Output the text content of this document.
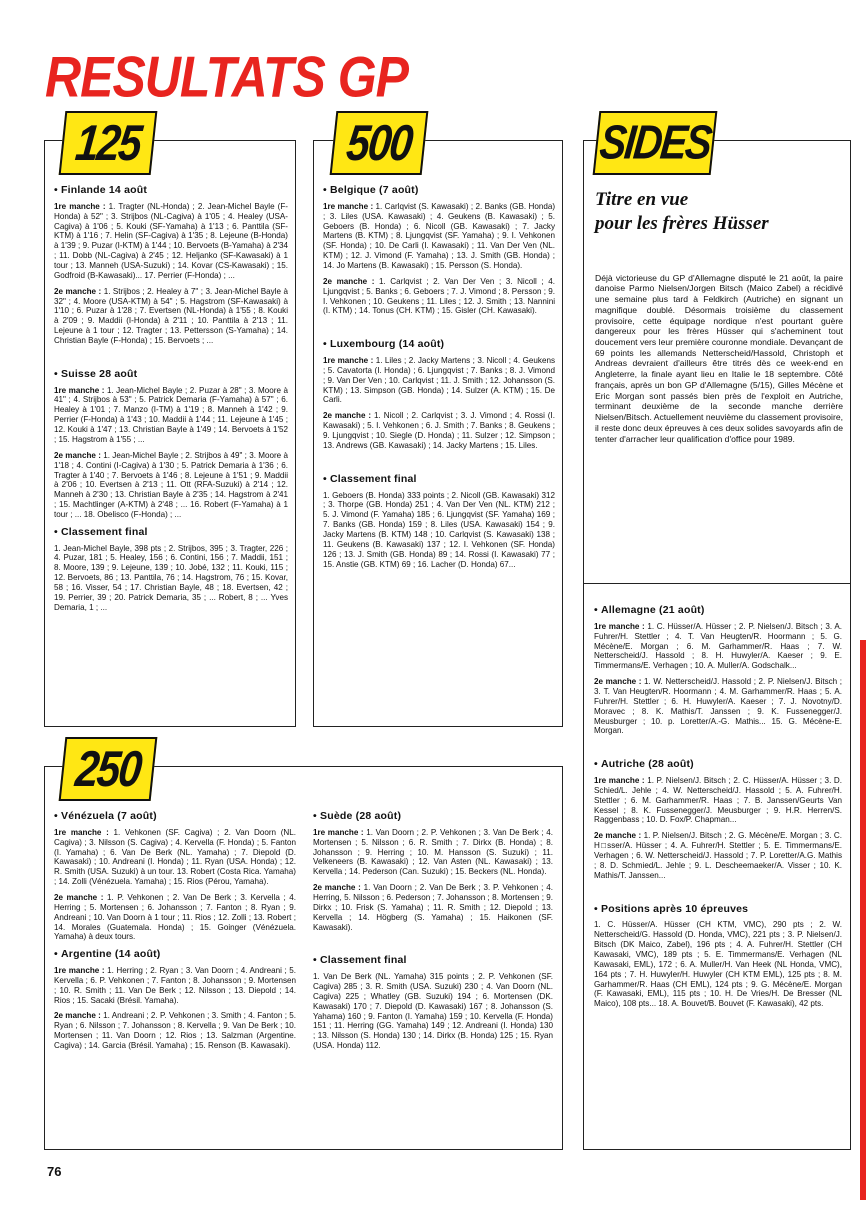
RESULTATS GP
125
• Finlande 14 août

1re manche : 1. Tragter (NL-Honda) ; 2. Jean-Michel Bayle (F-Honda) à 52" ; 3. Strijbos (NL-Cagiva) à 1'05 ; 4. Healey (USA-Cagiva) à 1'06 ; 5. Kouki (SF-Yamaha) à 1'13 ; 6. Panttila (SF-KTM) à 1'16 ; 7. Helin (SF-Cagiva) à 1'35 ; 8. Lejeune (B-Honda) à 1'39 ; 9. Puzar (I-KTM) à 1'44 ; 10. Bervoets (B-Yamaha) à 2'34 ; 11. Dobb (NL-Cagiva) à 2'45 ; 12. Heljanko (SF-Kawasaki) à 1 tour ; 13. Manneh (USA-Suzuki) ; 14. Kovar (CS-Kawasaki) ; 15. Godfroid (B-Kawasaki)... 17. Perrier (F-Honda) ; ...

2e manche : 1. Strijbos ; 2. Healey à 7" ; 3. Jean-Michel Bayle à 32" ; 4. Moore (USA-KTM) à 54" ; 5. Hagstrom (SF-Kawasaki) à 1'10 ; 6. Puzar à 1'28 ; 7. Evertsen (NL-Honda) à 1'55 ; 8. Kouki à 2'09 ; 9. Maddii (I-Honda) à 2'11 ; 10. Panttila à 2'13 ; 11. Lejeune à 1 tour ; 12. Tragter ; 13. Pettersson (S-Yamaha) ; 14. Christian Bayle (F-Honda) ; 15. Bervoets ; ...

• Suisse 28 août

1re manche : 1. Jean-Michel Bayle ; 2. Puzar à 28" ; 3. Moore à 41" ; 4. Strijbos à 53" ; 5. Patrick Demaria (F-Yamaha) à 57" ; 6. Healey à 1'01 ; 7. Manzo (I-TM) à 1'19 ; 8. Manneh à 1'42 ; 9. Perrier (F-Honda) à 1'43 ; 10. Maddii à 1'44 ; 11. Lejeune à 1'45 ; 12. Kouki à 1'47 ; 13. Christian Bayle à 1'49 ; 14. Bervoets à 1'52 ; 15. Hagstrom à 1'55 ; ...

2e manche : 1. Jean-Michel Bayle ; 2. Strijbos à 49" ; 3. Moore à 1'18 ; 4. Contini (I-Cagiva) à 1'30 ; 5. Patrick Demaria à 1'36 ; 6. Tragter à 1'40 ; 7. Bervoets à 1'46 ; 8. Lejeune à 1'51 ; 9. Maddii à 2'06 ; 10. Evertsen à 2'13 ; 11. Ott (RFA-Suzuki) à 2'14 ; 12. Manneh à 2'30 ; 13. Christian Bayle à 2'35 ; 14. Hagstrom à 2'41 ; 15. Machtlinger (A-KTM) à 2'48 ; ... 16. Robert (F-Yamaha) à 1 tour ; ... 18. Obelisco (F-Honda) ; ...

• Classement final

1. Jean-Michel Bayle, 398 pts ; 2. Strijbos, 395 ; 3. Tragter, 226 ; 4. Puzar, 181 ; 5. Healey, 156 ; 6. Contini, 156 ; 7. Maddii, 151 ; 8. Moore, 139 ; 9. Lejeune, 139 ; 10. Jobé, 132 ; 11. Kouki, 115 ; 12. Bervoets, 86 ; 13. Panttila, 76 ; 14. Hagstrom, 76 ; 15. Kovar, 58 ; 16. Visser, 54 ; 17. Christian Bayle, 48 ; 18. Evertsen, 42 ; 19. Perrier, 39 ; 20. Patrick Demaria, 35 ; ... Robert, 8 ; ... Yves Demaria, 1 ; ...

500
• Belgique (7 août)

1re manche : 1. Carlqvist (S. Kawasaki) ; 2. Banks (GB. Honda) ; 3. Liles (USA. Kawasaki) ; 4. Geukens (B. Kawasaki) ; 5. Geboers (B. Honda) ; 6. Nicoll (GB. Kawasaki) ; 7. Jacky Martens (B. KTM) ; 8. Ljungqvist (SF. Yamaha) ; 9. I. Vehkonen (SF. Honda) ; 10. De Carli (I. Kawasaki) ; 11. Van Der Ven (NL. KTM) ; 12. J. Vimond (F. Yamaha) ; 13. J. Smith (GB. Honda) ; 14. Jo Martens (B. Kawasaki) ; 15. Persson (S. Honda).

2e manche : 1. Carlqvist ; 2. Van Der Ven ; 3. Nicoll ; 4. Ljungqvist ; 5. Banks ; 6. Geboers ; 7. J. Vimond ; 8. Persson ; 9. I. Vehkonen ; 10. Geukens ; 11. Liles ; 12. J. Smith ; 13. Nannini (I. KTM) ; 14. Tonus (CH. KTM) ; 15. Gisler (CH. Kawasaki).

• Luxembourg (14 août)

1re manche : 1. Liles ; 2. Jacky Martens ; 3. Nicoll ; 4. Geukens ; 5. Cavatorta (I. Honda) ; 6. Ljungqvist ; 7. Banks ; 8. J. Vimond ; 9. Van Der Ven ; 10. Carlqvist ; 11. J. Smith ; 12. Johansson (S. KTM) ; 13. Simpson (GB. Honda) ; 14. Sulzer (A. KTM) ; 15. De Carli.

2e manche : 1. Nicoll ; 2. Carlqvist ; 3. J. Vimond ; 4. Rossi (I. Kawasaki) ; 5. I. Vehkonen ; 6. J. Smith ; 7. Banks ; 8. Geukens ; 9. Ljungqvist ; 10. Siegle (D. Honda) ; 11. Sulzer ; 12. Simpson ; 13. Andrews (GB. Kawasaki) ; 14. Jacky Martens ; 15. Liles.

• Classement final

1. Geboers (B. Honda) 333 points ; 2. Nicoll (GB. Kawasaki) 312 ; 3. Thorpe (GB. Honda) 251 ; 4. Van Der Ven (NL. KTM) 212 ; 5. J. Vimond (F. Yamaha) 185 ; 6. Ljungqvist (SF. Yamaha) 169 ; 7. Banks (GB. Honda) 159 ; 8. Liles (USA. Kawasaki) 154 ; 9. Jacky Martens (B. KTM) 148 ; 10. Carlqvist (S. Kawasaki) 138 ; 11. Geukens (B. Kawasaki) 137 ; 12. I. Vehkonen (SF. Honda) 126 ; 13. J. Smith (GB. Honda) 89 ; 14. Rossi (I. Kawasaki) 77 ; 15. Anstie (GB. KTM) 69 ; 16. Lacher (D. Honda) 67...

SIDES
Titre en vue
pour les frères Hüsser

Déjà victorieuse du GP d'Allemagne disputé le 21 août, la paire danoise Parmo Nielsen/Jorgen Bitsch (Maico Zabel) a récidivé une semaine plus tard à Feldkirch (Autriche) en signant un magnifique doublé. Désormais troisième du classement provisoire, cette équipage nordique n'est pourtant guère dangereux pour les frères Hüsser qui s'acheminent tout doucement vers leur première couronne mondiale. Devançant de 69 points les allemands Netterscheid/Hassold, Christoph et Andreas devraient d'ailleurs être titrés dès ce week-end en Angleterre, la finale ayant lieu en Italie le 18 septembre. Côté français, après un bon GP d'Allemagne (5/15), Gilles Mécène et Eric Morgan sont passés bien près de l'exploit en Autriche, terminant deuxième de la seconde manche derrière Nielsen/Bitsch. Actuellement neuvième du classement provisoire, il reste donc deux épreuves à ces deux solides savoyards afin de tenter d'arracher leur qualification d'office pour 1989.

• Allemagne (21 août)

1re manche : 1. C. Hüsser/A. Hüsser ; 2. P. Nielsen/J. Bitsch ; 3. A. Fuhrer/H. Stettler ; 4. T. Van Heugten/R. Hoormann ; 5. G. Mécène/E. Morgan ; 6. M. Garhammer/R. Haas ; 7. W. Netterscheid/J. Hassold ; 8. H. Huwyler/A. Kaeser ; 9. E. Timmermans/E. Verhagen ; 10. A. Muller/A. Godschalk...

2e manche : 1. W. Netterscheid/J. Hassold ; 2. P. Nielsen/J. Bitsch ; 3. T. Van Heugten/R. Hoormann ; 4. M. Garhammer/R. Haas ; 5. A. Fuhrer/H. Stettler ; 6. H. Huwyler/A. Kaeser ; 7. J. Novotny/D. Moravec ; 8. K. Mathis/T. Janssen ; 9. K. Fussenegger/J. Meusburger ; 10. p. Loretter/A.-G. Mathis... 15. G. Mécène-E. Morgan.

• Autriche (28 août)

1re manche : 1. P. Nielsen/J. Bitsch ; 2. C. Hüsser/A. Hüsser ; 3. D. Schied/L. Jehle ; 4. W. Netterscheid/J. Hassold ; 5. A. Fuhrer/H. Stettler ; 6. M. Garhammer/R. Haas ; 7. B. Janssen/Geurts Van Kessel ; 8. K. Fussenegger/J. Meusburger ; 9. H.R. Herren/S. Raggenbass ; 10. D. Fox/P. Chapman...

2e manche : 1. P. Nielsen/J. Bitsch ; 2. G. Mécène/E. Morgan ; 3. C. H□sser/A. Hüsser ; 4. A. Fuhrer/H. Stettler ; 5. E. Timmermans/E. Verhagen ; 6. W. Netterscheid/J. Hassold ; 7. P. Loretter/A.G. Mathis ; 8. D. Schmied/L. Jehle ; 9. L. Descheemaeker/A. Visser ; 10. K. Mathis/T. Janssen...

• Positions après 10 épreuves

1. C. Hüsser/A. Hüsser (CH KTM, VMC), 290 pts ; 2. W. Netterscheid/G. Hassold (D. Honda, VMC), 221 pts ; 3. P. Nielsen/J. Bitsch (DK Maico, Zabel), 196 pts ; 4. A. Fuhrer/H. Stettler (CH Kawasaki, VMC), 189 pts ; 5. E. Timmermans/E. Verhagen (NL Kawasaki, EML), 172 ; 6. A. Muller/H. Van Heek (NL Honda, VMC), 164 pts ; 7. H. Huwyler/H. Huwyler (CH KTM EML), 125 pts ; 8. M. Garhammer/R. Haas (CH EML), 124 pts ; 9. G. Mécène/E. Morgan (F. Kawasaki, EML), 115 pts ; 10. H. De Vries/H. De Bresser (NL Maico), 108 pts... 18. A. Bouvet/B. Bouvet (F. Kawasaki), 42 pts.

250
• Vénézuela (7 août)

1re manche : 1. Vehkonen (SF. Cagiva) ; 2. Van Doorn (NL. Cagiva) ; 3. Nilsson (S. Cagiva) ; 4. Kervella (F. Honda) ; 5. Fanton (I. Yamaha) ; 6. Van De Berk (NL. Yamaha) ; 7. Diepold (D. Kawasaki) ; 10. Andreani (I. Honda) ; 11. Ryan (USA. Honda) ; 12. R. Smith (USA. Suzuki) à un tour. 13. Robert (Costa Rica. Yamaha) ; 14. Zolli (Vénézuela. Yamaha) ; 15. Rios (Pérou, Yamaha).

2e manche : 1. P. Vehkonen ; 2. Van De Berk ; 3. Kervella ; 4. Herring ; 5. Mortensen ; 6. Johansson ; 7. Fanton ; 8. Ryan ; 9. Andreani ; 10. Van Doorn à 1 tour ; 11. Rios ; 12. Zolli ; 13. Robert ; 14. Morales (Guatemala. Honda) ; 15. Goinger (Vénézuela. Yamaha) à deux tours.

• Argentine (14 août)

1re manche : 1. Herring ; 2. Ryan ; 3. Van Doorn ; 4. Andreani ; 5. Kervella ; 6. P. Vehkonen ; 7. Fanton ; 8. Johansson ; 9. Mortensen ; 10. R. Smith ; 11. Van De Berk ; 12. Nilsson ; 13. Diepold ; 14. Rios ; 15. Sacaki (Brésil. Yamaha).

2e manche : 1. Andreani ; 2. P. Vehkonen ; 3. Smith ; 4. Fanton ; 5. Ryan ; 6. Nilsson ; 7. Johansson ; 8. Kervella ; 9. Van De Berk ; 10. Mortensen ; 11. Van Doorn ; 12. Rios ; 13. Salzman (Argentine. Cagiva) ; 14. Garcia (Brésil. Yamaha) ; 15. Renson (B. Kawasaki).

• Suède (28 août)

1re manche : 1. Van Doorn ; 2. P. Vehkonen ; 3. Van De Berk ; 4. Mortensen ; 5. Nilsson ; 6. R. Smith ; 7. Dirkx (B. Honda) ; 8. Johansson ; 9. Herring ; 10. M. Hansson (S. Suzuki) ; 11. Velkeneers (B. Kawasaki) ; 12. Van Asten (NL. Kawasaki) ; 13. Kervella ; 14. Pederson (Can. Suzuki) ; 15. Beckers (NL. Honda).

2e manche : 1. Van Doorn ; 2. Van De Berk ; 3. P. Vehkonen ; 4. Herring, 5. Nilsson ; 6. Pederson ; 7. Johansson ; 8. Mortensen ; 9. Dirkx ; 10. Frisk (S. Yamaha) ; 11. R. Smith ; 12. Diepold ; 13. Kervella ; 14. Högberg (S. Yamaha) ; 15. Haikonen (SF. Kawasaki).

• Classement final

1. Van De Berk (NL. Yamaha) 315 points ; 2. P. Vehkonen (SF. Cagiva) 285 ; 3. R. Smith (USA. Suzuki) 230 ; 4. Van Doorn (NL. Cagiva) 225 ; Whatley (GB. Suzuki) 194 ; 6. Mortensen (DK. Kawasaki) 170 ; 7. Diepold (D. Kawasaki) 167 ; 8. Johansson (S. Yahama) 160 ; 9. Fanton (I. Yamaha) 159 ; 10. Kervella (F. Honda) 151 ; 11. Herring (GG. Yamaha) 149 ; 12. Andreani (I. Honda) 130 ; 13. Nilsson (S. Honda) 130 ; 14. Dirkx (B. Honda) 125 ; 15. Ryan (USA. Honda) 112.

76
